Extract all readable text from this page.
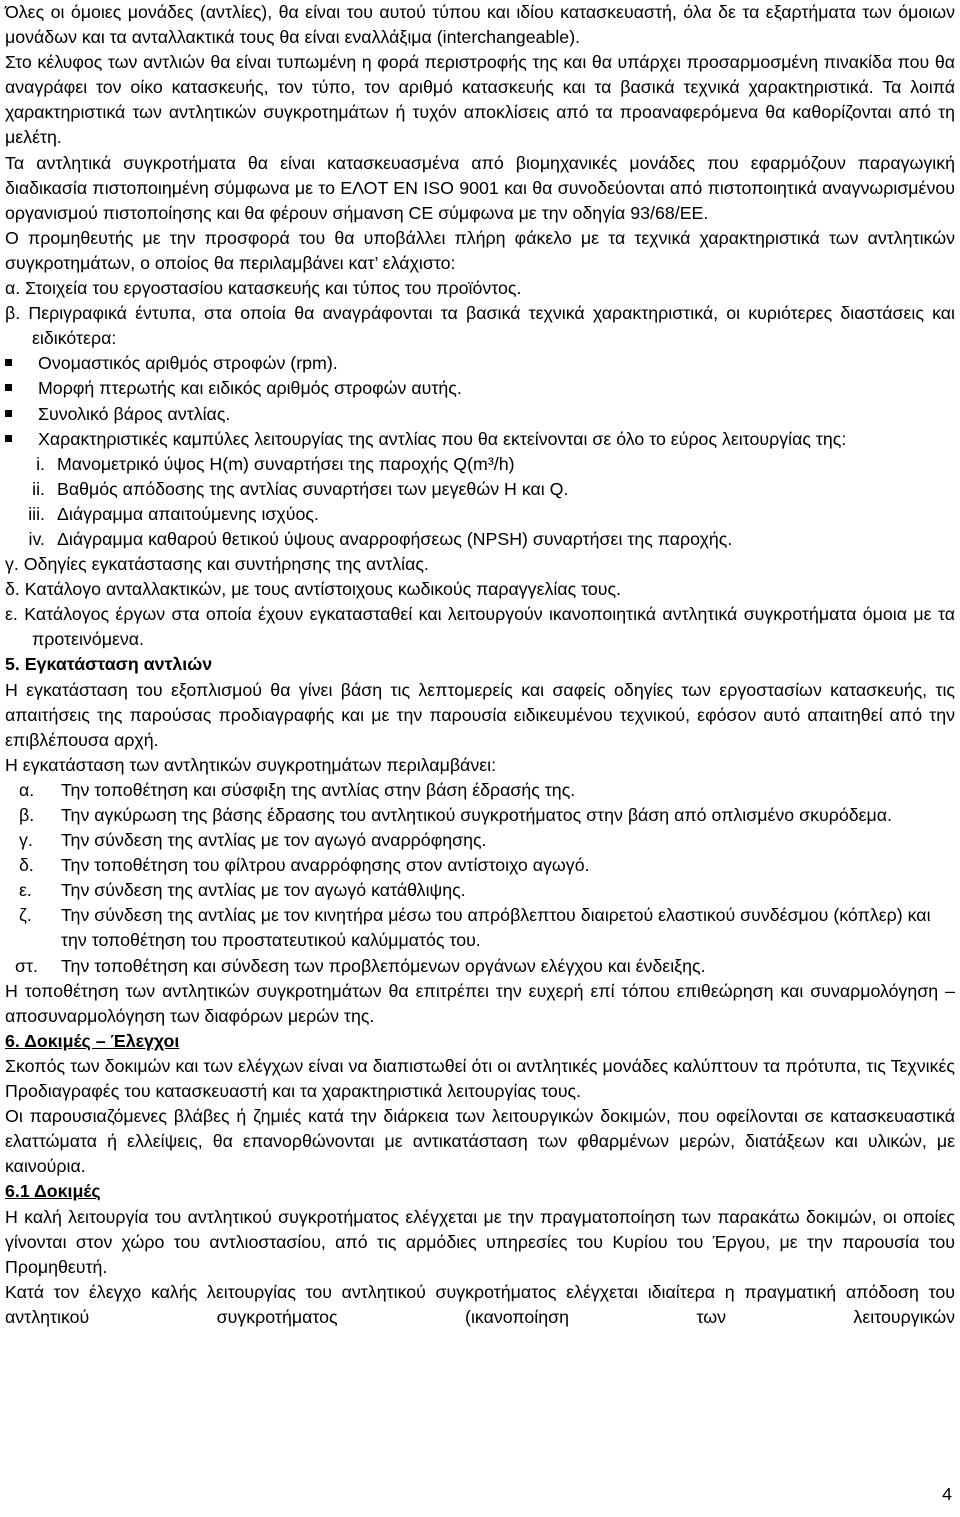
Όλες οι όμοιες μονάδες (αντλίες), θα είναι του αυτού τύπου και ιδίου κατασκευαστή, όλα δε τα εξαρτήματα των όμοιων μονάδων και τα ανταλλακτικά τους θα είναι εναλλάξιμα (interchangeable).

Στο κέλυφος των αντλιών θα είναι τυπωμένη η φορά περιστροφής της και θα υπάρχει προσαρμοσμένη πινακίδα που θα αναγράφει τον οίκο κατασκευής, τον τύπο, τον αριθμό κατασκευής και τα βασικά τεχνικά χαρακτηριστικά. Τα λοιπά χαρακτηριστικά των αντλητικών συγκροτημάτων ή τυχόν αποκλίσεις από τα προαναφερόμενα θα καθορίζονται από τη μελέτη.

Τα αντλητικά συγκροτήματα θα είναι κατασκευασμένα από βιομηχανικές μονάδες που εφαρμόζουν παραγωγική διαδικασία πιστοποιημένη σύμφωνα με το ΕΛΟΤ EN ISO 9001 και θα συνοδεύονται από πιστοποιητικά αναγνωρισμένου οργανισμού πιστοποίησης και θα φέρουν σήμανση CE σύμφωνα με την οδηγία 93/68/ΕΕ.

Ο προμηθευτής με την προσφορά του θα υποβάλλει πλήρη φάκελο με τα τεχνικά χαρακτηριστικά των αντλητικών συγκροτημάτων, ο οποίος θα περιλαμβάνει κατ’ ελάχιστο:

α. Στοιχεία του εργοστασίου κατασκευής και τύπος του προϊόντος.

β. Περιγραφικά έντυπα, στα οποία θα αναγράφονται τα βασικά τεχνικά χαρακτηριστικά, οι κυριότερες διαστάσεις και ειδικότερα:

Ονομαστικός αριθμός στροφών (rpm).
Μορφή πτερωτής και ειδικός αριθμός στροφών αυτής.
Συνολικό βάρος αντλίας.
Χαρακτηριστικές καμπύλες λειτουργίας της αντλίας που θα εκτείνονται σε όλο το εύρος λειτουργίας της:
i. Μανομετρικό ύψος H(m) συναρτήσει της παροχής Q(m³/h)
ii. Βαθμός απόδοσης της αντλίας συναρτήσει των μεγεθών H και Q.
iii. Διάγραμμα απαιτούμενης ισχύος.
iv. Διάγραμμα καθαρού θετικού ύψους αναρροφήσεως (NPSH) συναρτήσει της παροχής.

γ. Οδηγίες εγκατάστασης και συντήρησης της αντλίας.

δ. Κατάλογο ανταλλακτικών, με τους αντίστοιχους κωδικούς παραγγελίας τους.

ε. Κατάλογος έργων στα οποία έχουν εγκατασταθεί και λειτουργούν ικανοποιητικά αντλητικά συγκροτήματα όμοια με τα προτεινόμενα.

5. Εγκατάσταση αντλιών

Η εγκατάσταση του εξοπλισμού θα γίνει βάση τις λεπτομερείς και σαφείς οδηγίες των εργοστασίων κατασκευής, τις απαιτήσεις της παρούσας προδιαγραφής και με την παρουσία ειδικευμένου τεχνικού, εφόσον αυτό απαιτηθεί από την επιβλέπουσα αρχή.

Η εγκατάσταση των αντλητικών συγκροτημάτων περιλαμβάνει:

α. Την τοποθέτηση και σύσφιξη της αντλίας στην βάση έδρασής της.
β. Την αγκύρωση της βάσης έδρασης του αντλητικού συγκροτήματος στην βάση από οπλισμένο σκυρόδεμα.
γ. Την σύνδεση της αντλίας με τον αγωγό αναρρόφησης.
δ. Την τοποθέτηση του φίλτρου αναρρόφησης στον αντίστοιχο αγωγό.
ε. Την σύνδεση της αντλίας με τον αγωγό κατάθλιψης.
ζ. Την σύνδεση της αντλίας με τον κινητήρα μέσω του απρόβλεπτου διαιρετού ελαστικού συνδέσμου (κόπλερ) και την τοποθέτηση του προστατευτικού καλύμματός του.
στ. Την τοποθέτηση και σύνδεση των προβλεπόμενων οργάνων ελέγχου και ένδειξης.

Η τοποθέτηση των αντλητικών συγκροτημάτων θα επιτρέπει την ευχερή επί τόπου επιθεώρηση και συναρμολόγηση – αποσυναρμολόγηση των διαφόρων μερών της.

6. Δοκιμές – Έλεγχοι

Σκοπός των δοκιμών και των ελέγχων είναι να διαπιστωθεί ότι οι αντλητικές μονάδες καλύπτουν τα πρότυπα, τις Τεχνικές Προδιαγραφές του κατασκευαστή και τα χαρακτηριστικά λειτουργίας τους.

Οι παρουσιαζόμενες βλάβες ή ζημιές κατά την διάρκεια των λειτουργικών δοκιμών, που οφείλονται σε κατασκευαστικά ελαττώματα ή ελλείψεις, θα επανορθώνονται με αντικατάσταση των φθαρμένων μερών, διατάξεων και υλικών, με καινούρια.

6.1 Δοκιμές

Η καλή λειτουργία του αντλητικού συγκροτήματος ελέγχεται με την πραγματοποίηση των παρακάτω δοκιμών, οι οποίες γίνονται στον χώρο του αντλιοστασίου, από τις αρμόδιες υπηρεσίες του Κυρίου του Έργου, με την παρουσία του Προμηθευτή.

Κατά τον έλεγχο καλής λειτουργίας του αντλητικού συγκροτήματος ελέγχεται ιδιαίτερα η πραγματική απόδοση του αντλητικού συγκροτήματος (ικανοποίηση των λειτουργικών

4
